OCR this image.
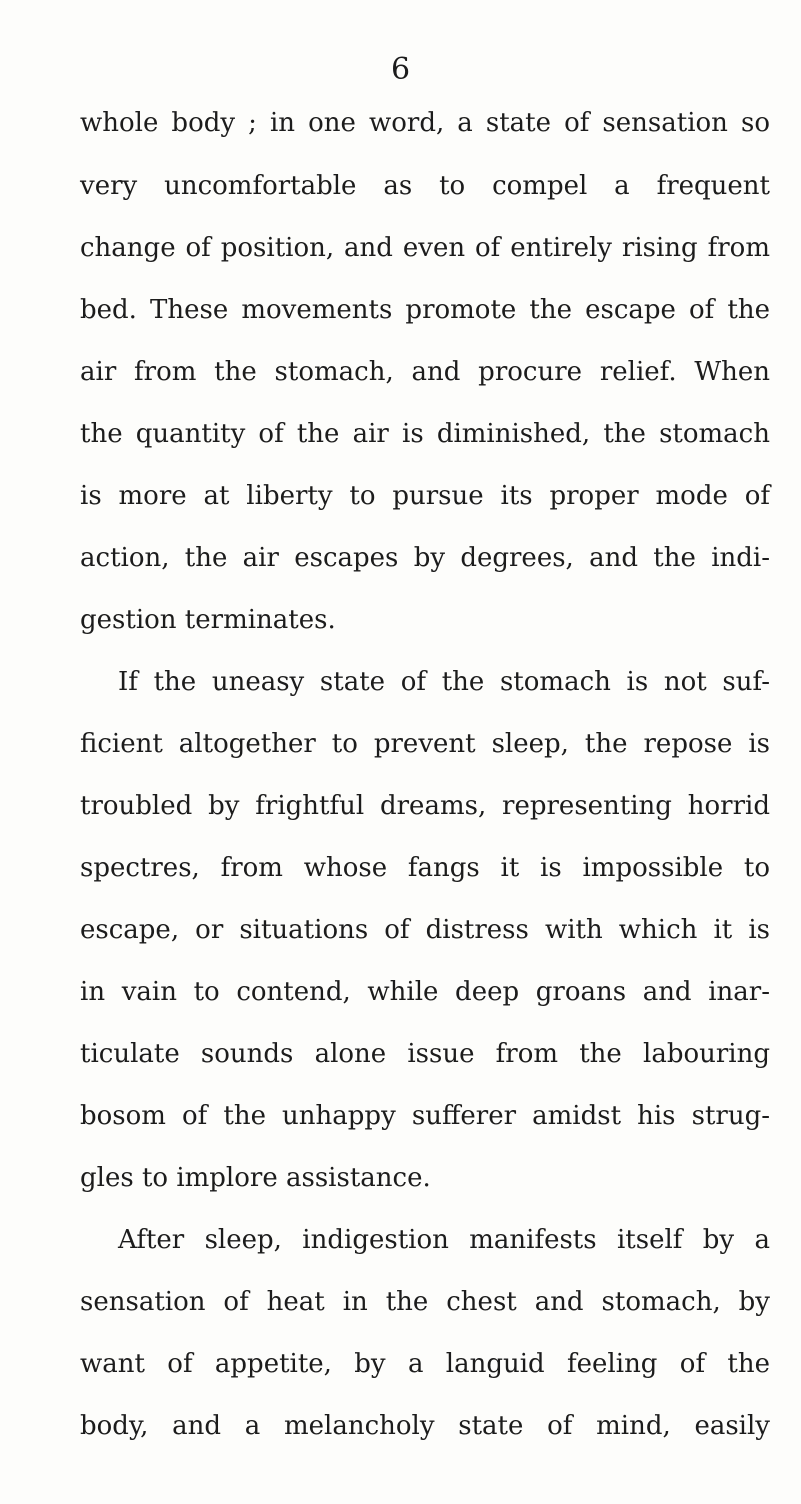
6
whole body ; in one word, a state of sensation so
very uncomfortable as to compel a frequent
change of position, and even of entirely rising from
bed. These movements promote the escape of the
air from the stomach, and procure relief. When
the quantity of the air is diminished, the stomach
is more at liberty to pursue its proper mode of
action, the air escapes by degrees, and the indi-
gestion terminates.
If the uneasy state of the stomach is not suf-
ficient altogether to prevent sleep, the repose is
troubled by frightful dreams, representing horrid
spectres, from whose fangs it is impossible to
escape, or situations of distress with which it is
in vain to contend, while deep groans and inar-
ticulate sounds alone issue from the labouring
bosom of the unhappy sufferer amidst his strug-
gles to implore assistance.
After sleep, indigestion manifests itself by a
sensation of heat in the chest and stomach, by
want of appetite, by a languid feeling of the
body, and a melancholy state of mind, easily
